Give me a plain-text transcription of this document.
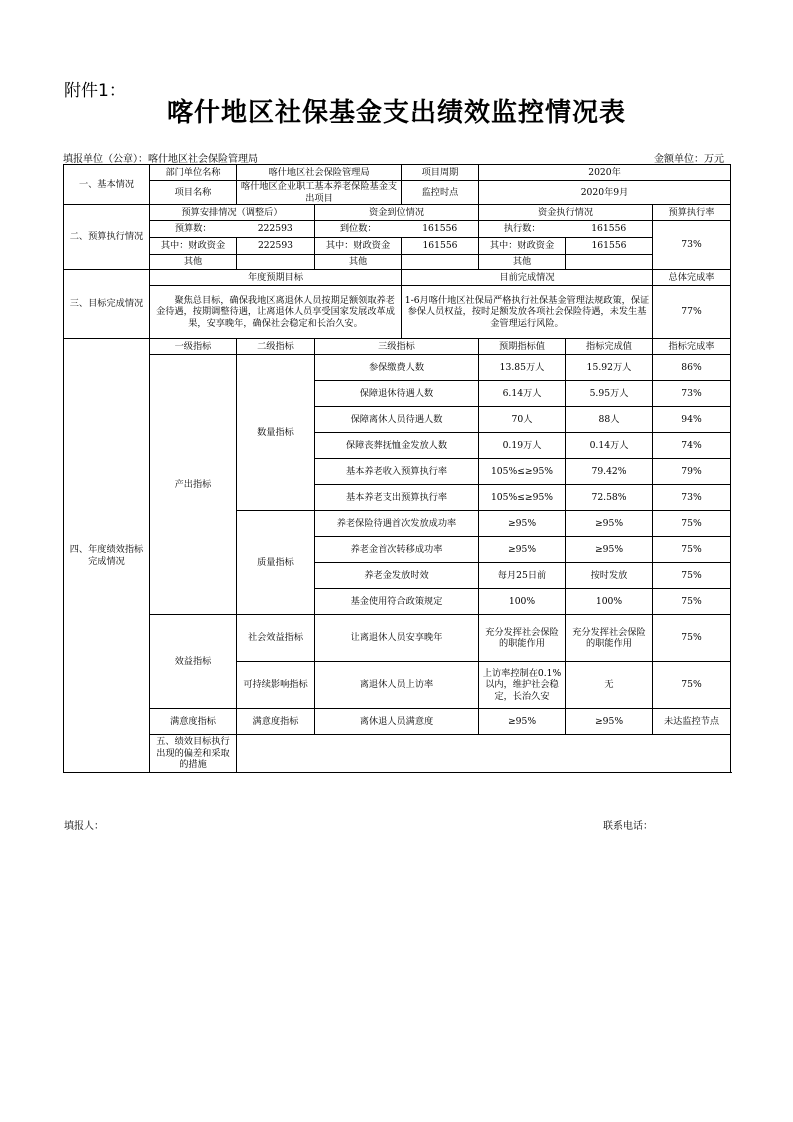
附件1：
喀什地区社保基金支出绩效监控情况表
填报单位（公章）：喀什地区社会保险管理局	金额单位：万元
一、基本情况	部门单位名称	喀什地区社会保险管理局		项目周期	2020年		
	项目名称	喀什地区企业职工基本养老保险基金支出项目		监控时点	2020年9月		
二、预算执行情况	预算安排情况（调整后）		资金到位情况		资金执行情况		预算执行率
	预算数：	222593	到位数：	161556	执行数：	161556	73%
	其中：财政资金	222593	其中：财政资金	161556	其中：财政资金	161556	
	其他		其他		其他		
三、目标完成情况	年度预期目标			目前完成情况			总体完成率
	聚焦总目标，确保我地区离退休人员按期足额领取养老金待遇，按期调整待遇，让离退休人员享受国家发展改革成果，安享晚年，确保社会稳定和长治久安。			1-6月喀什地区社保局严格执行社保基金管理法规政策，保证参保人员权益，按时足额发放各项社会保险待遇，未发生基金管理运行风险。			77%
四、年度绩效指标完成情况	一级指标	二级指标	三级指标		预期指标值	指标完成值	指标完成率
	产出指标	数量指标	参保缴费人数		13.85万人	15.92万人	86%
			保障退休待遇人数		6.14万人	5.95万人	73%
			保障离休人员待遇人数		70人	88人	94%
			保障丧葬抚恤金发放人数		0.19万人	0.14万人	74%
			基本养老收入预算执行率		105%≤≥95%	79.42%	79%
			基本养老支出预算执行率		105%≤≥95%	72.58%	73%
		质量指标	养老保险待遇首次发放成功率		≥95%	≥95%	75%
			养老金首次转移成功率		≥95%	≥95%	75%
			养老金发放时效		每月25日前	按时发放	75%
			基金使用符合政策规定		100%	100%	75%
	效益指标	社会效益指标	让离退休人员安享晚年		充分发挥社会保险的职能作用	充分发挥社会保险的职能作用	75%
		可持续影响指标	离退休人员上访率		上访率控制在0.1%以内，维护社会稳定，长治久安	无	75%
	满意度指标	满意度指标	离休退人员满意度		≥95%	≥95%	未达监控节点
	五、绩效目标执行出现的偏差和采取的措施						
填报人：	联系电话：
